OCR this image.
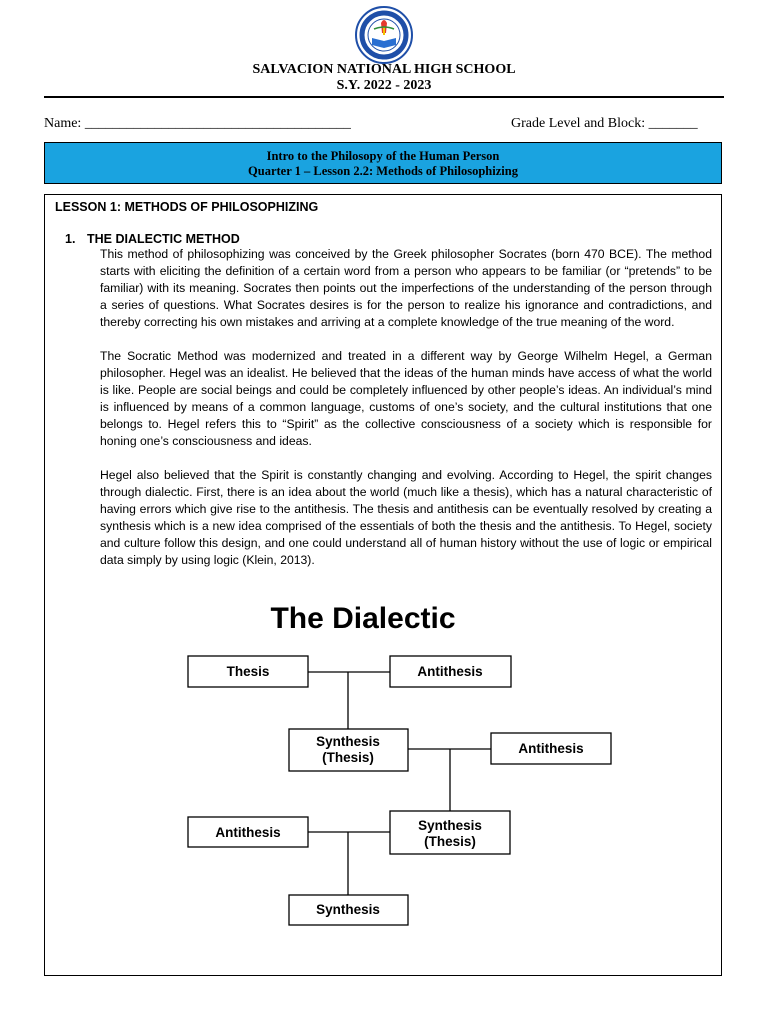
SALVACION NATIONAL HIGH SCHOOL
S.Y. 2022 - 2023
Name: ______________________________________	Grade Level and Block: _______
Intro to the Philosopy of the Human Person
Quarter 1 – Lesson 2.2: Methods of Philosophizing

LESSON 1: METHODS OF PHILOSOPHIZING

1. THE DIALECTIC METHOD

This method of philosophizing was conceived by the Greek philosopher Socrates (born 470 BCE). The method starts with eliciting the definition of a certain word from a person who appears to be familiar (or “pretends” to be familiar) with its meaning. Socrates then points out the imperfections of the understanding of the person through a series of questions. What Socrates desires is for the person to realize his ignorance and contradictions, and thereby correcting his own mistakes and arriving at a complete knowledge of the true meaning of the word.

The Socratic Method was modernized and treated in a different way by George Wilhelm Hegel, a German philosopher. Hegel was an idealist. He believed that the ideas of the human minds have access of what the world is like. People are social beings and could be completely influenced by other people’s ideas. An individual’s mind is influenced by means of a common language, customs of one’s society, and the cultural institutions that one belongs to. Hegel refers this to “Spirit” as the collective consciousness of a society which is responsible for honing one’s consciousness and ideas.

Hegel also believed that the Spirit is constantly changing and evolving. According to Hegel, the spirit changes through dialectic. First, there is an idea about the world (much like a thesis), which has a natural characteristic of having errors which give rise to the antithesis. The thesis and antithesis can be eventually resolved by creating a synthesis which is a new idea comprised of the essentials of both the thesis and the antithesis. To Hegel, society and culture follow this design, and one could understand all of human history without the use of logic or empirical data simply by using logic (Klein, 2013).

The Dialectic
Thesis	Antithesis
Synthesis
(Thesis)
Antithesis
Antithesis	Synthesis
(Thesis)
Synthesis
